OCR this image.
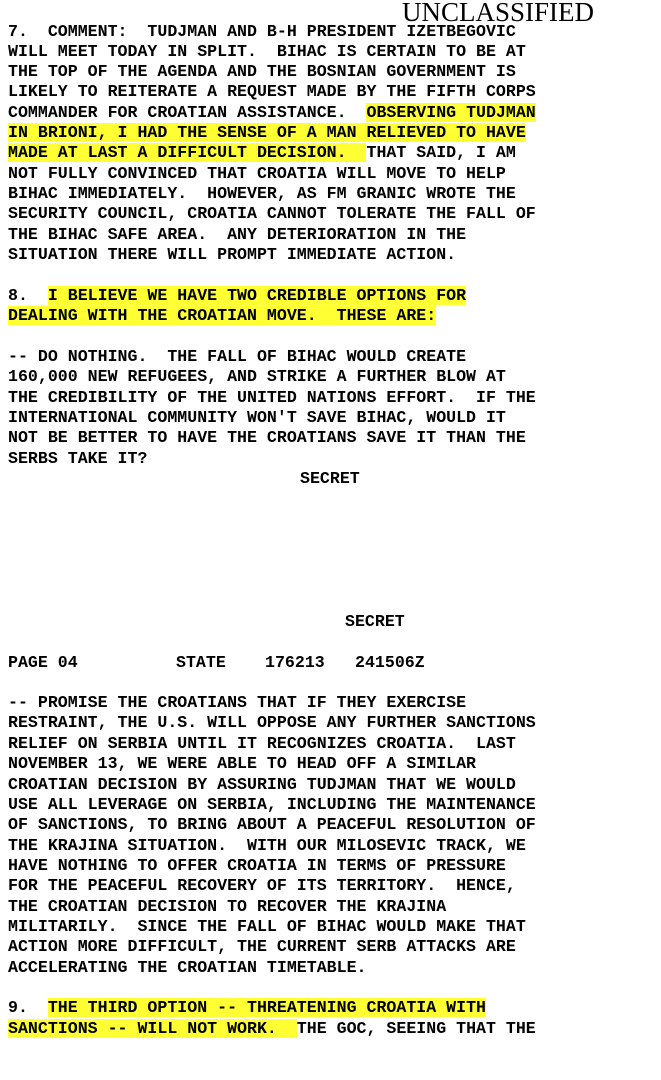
UNCLASSIFIED
7.  COMMENT:  TUDJMAN AND B-H PRESIDENT IZETBEGOVIC
WILL MEET TODAY IN SPLIT.  BIHAC IS CERTAIN TO BE AT
THE TOP OF THE AGENDA AND THE BOSNIAN GOVERNMENT IS
LIKELY TO REITERATE A REQUEST MADE BY THE FIFTH CORPS
COMMANDER FOR CROATIAN ASSISTANCE.  OBSERVING TUDJMAN
IN BRIONI, I HAD THE SENSE OF A MAN RELIEVED TO HAVE
MADE AT LAST A DIFFICULT DECISION.  THAT SAID, I AM
NOT FULLY CONVINCED THAT CROATIA WILL MOVE TO HELP
BIHAC IMMEDIATELY.  HOWEVER, AS FM GRANIC WROTE THE
SECURITY COUNCIL, CROATIA CANNOT TOLERATE THE FALL OF
THE BIHAC SAFE AREA.  ANY DETERIORATION IN THE
SITUATION THERE WILL PROMPT IMMEDIATE ACTION.
8.  I BELIEVE WE HAVE TWO CREDIBLE OPTIONS FOR
DEALING WITH THE CROATIAN MOVE.  THESE ARE:
-- DO NOTHING.  THE FALL OF BIHAC WOULD CREATE
160,000 NEW REFUGEES, AND STRIKE A FURTHER BLOW AT
THE CREDIBILITY OF THE UNITED NATIONS EFFORT.  IF THE
INTERNATIONAL COMMUNITY WON'T SAVE BIHAC, WOULD IT
NOT BE BETTER TO HAVE THE CROATIANS SAVE IT THAN THE
SERBS TAKE IT?
SECRET
SECRET
PAGE 04	STATE 176213 241506Z
-- PROMISE THE CROATIANS THAT IF THEY EXERCISE
RESTRAINT, THE U.S. WILL OPPOSE ANY FURTHER SANCTIONS
RELIEF ON SERBIA UNTIL IT RECOGNIZES CROATIA.  LAST
NOVEMBER 13, WE WERE ABLE TO HEAD OFF A SIMILAR
CROATIAN DECISION BY ASSURING TUDJMAN THAT WE WOULD
USE ALL LEVERAGE ON SERBIA, INCLUDING THE MAINTENANCE
OF SANCTIONS, TO BRING ABOUT A PEACEFUL RESOLUTION OF
THE KRAJINA SITUATION.  WITH OUR MILOSEVIC TRACK, WE
HAVE NOTHING TO OFFER CROATIA IN TERMS OF PRESSURE
FOR THE PEACEFUL RECOVERY OF ITS TERRITORY.  HENCE,
THE CROATIAN DECISION TO RECOVER THE KRAJINA
MILITARILY.  SINCE THE FALL OF BIHAC WOULD MAKE THAT
ACTION MORE DIFFICULT, THE CURRENT SERB ATTACKS ARE
ACCELERATING THE CROATIAN TIMETABLE.
9.  THE THIRD OPTION -- THREATENING CROATIA WITH
SANCTIONS -- WILL NOT WORK.  THE GOC, SEEING THAT THE
